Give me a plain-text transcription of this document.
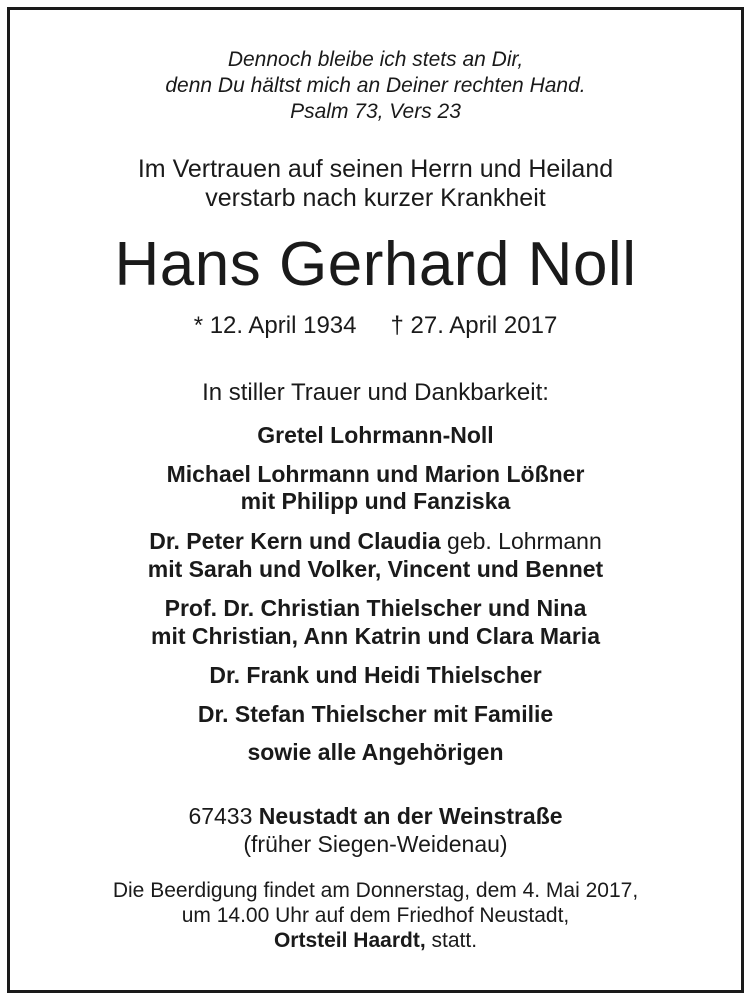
Dennoch bleibe ich stets an Dir,
denn Du hältst mich an Deiner rechten Hand.
Psalm 73, Vers 23
Im Vertrauen auf seinen Herrn und Heiland
verstarb nach kurzer Krankheit
Hans Gerhard Noll
* 12. April 1934 † 27. April 2017
In stiller Trauer und Dankbarkeit:
Gretel Lohrmann-Noll
Michael Lohrmann und Marion Lößner
mit Philipp und Fanziska
Dr. Peter Kern und Claudia geb. Lohrmann
mit Sarah und Volker, Vincent und Bennet
Prof. Dr. Christian Thielscher und Nina
mit Christian, Ann Katrin und Clara Maria
Dr. Frank und Heidi Thielscher
Dr. Stefan Thielscher mit Familie
sowie alle Angehörigen
67433 Neustadt an der Weinstraße
(früher Siegen-Weidenau)
Die Beerdigung findet am Donnerstag, dem 4. Mai 2017,
um 14.00 Uhr auf dem Friedhof Neustadt,
Ortsteil Haardt, statt.
